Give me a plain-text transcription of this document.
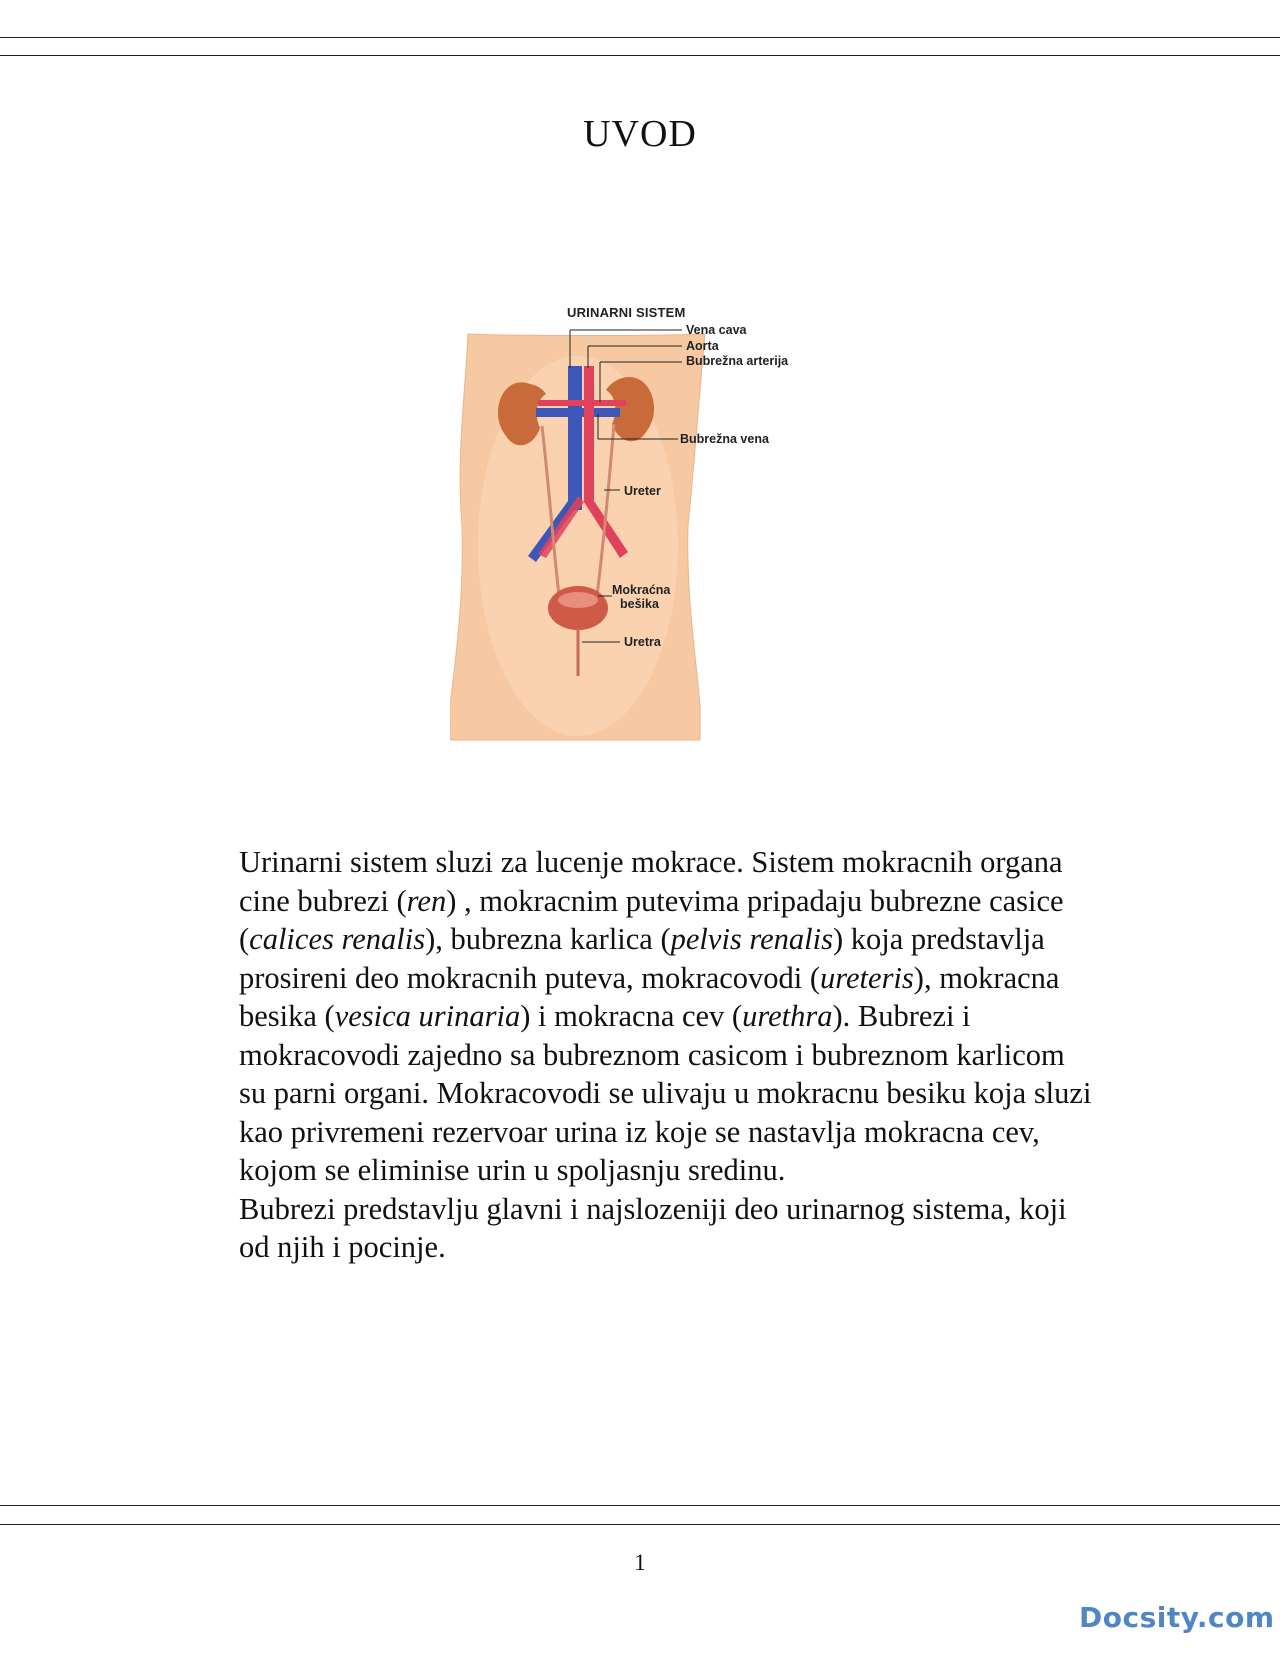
UVOD
URINARNI SISTEM
Vena cava
Aorta
Bubrežna arterija
Bubrežna vena
Ureter
Mokraćna
bešika
Uretra

Urinarni sistem sluzi za lucenje mokrace. Sistem mokracnih organa cine bubrezi (ren) , mokracnim putevima pripadaju bubrezne casice (calices renalis), bubrezna karlica (pelvis renalis) koja predstavlja prosireni deo mokracnih puteva, mokracovodi (ureteris), mokracna besika (vesica urinaria) i mokracna cev (urethra). Bubrezi i mokracovodi zajedno sa bubreznom casicom i bubreznom karlicom su parni organi. Mokracovodi se ulivaju u mokracnu besiku koja sluzi kao privremeni rezervoar urina iz koje se nastavlja mokracna cev, kojom se eliminise urin u spoljasnju sredinu.

Bubrezi predstavlju glavni i najslozeniji deo urinarnog sistema, koji od njih i pocinje.

1
Docsity.com
